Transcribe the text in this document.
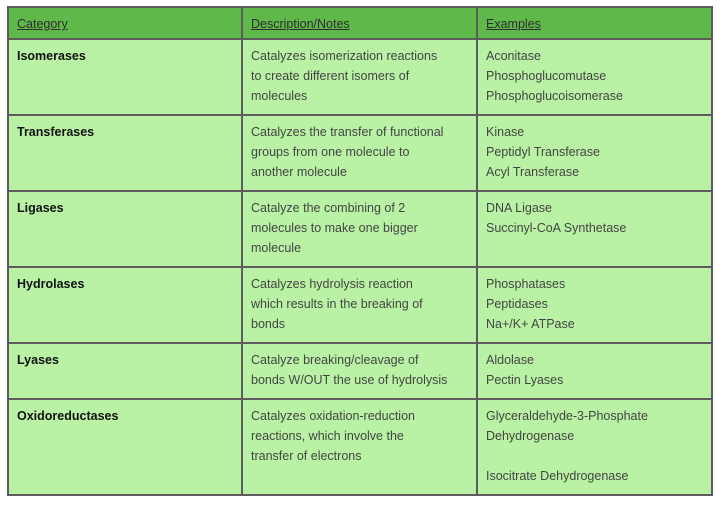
Category	Description/Notes	Examples
Isomerases	Catalyzes isomerization reactions
to create different isomers of
molecules	Aconitase
Phosphoglucomutase
Phosphoglucoisomerase

Transferases	Catalyzes the transfer of functional
groups from one molecule to
another molecule	Kinase
Peptidyl Transferase
Acyl Transferase

Ligases	Catalyze the combining of 2
molecules to make one bigger
molecule	DNA Ligase
Succinyl-CoA Synthetase

Hydrolases	Catalyzes hydrolysis reaction
which results in the breaking of
bonds	Phosphatases
Peptidases
Na+/K+ ATPase

Lyases	Catalyze breaking/cleavage of
bonds W/OUT the use of hydrolysis	Aldolase
Pectin Lyases

Oxidoreductases	Catalyzes oxidation-reduction
reactions, which involve the
transfer of electrons	Glyceraldehyde-3-Phosphate
Dehydrogenase
Isocitrate Dehydrogenase
